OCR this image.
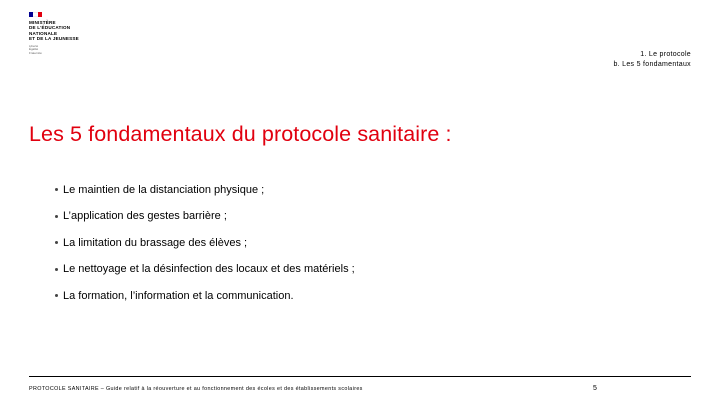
MINISTÈRE
DE L'ÉDUCATION
NATIONALE
ET DE LA JEUNESSE
Liberté
Égalité
Fraternité	1. Le protocole
b. Les 5 fondamentaux
Les 5 fondamentaux du protocole sanitaire :
Le maintien de la distanciation physique ;
L’application des gestes barrière ;
La limitation du brassage des élèves ;
Le nettoyage et la désinfection des locaux et des matériels ;
La formation, l’information et la communication.
PROTOCOLE SANITAIRE – Guide relatif à la réouverture et au fonctionnement des écoles et des établissements scolaires	5
